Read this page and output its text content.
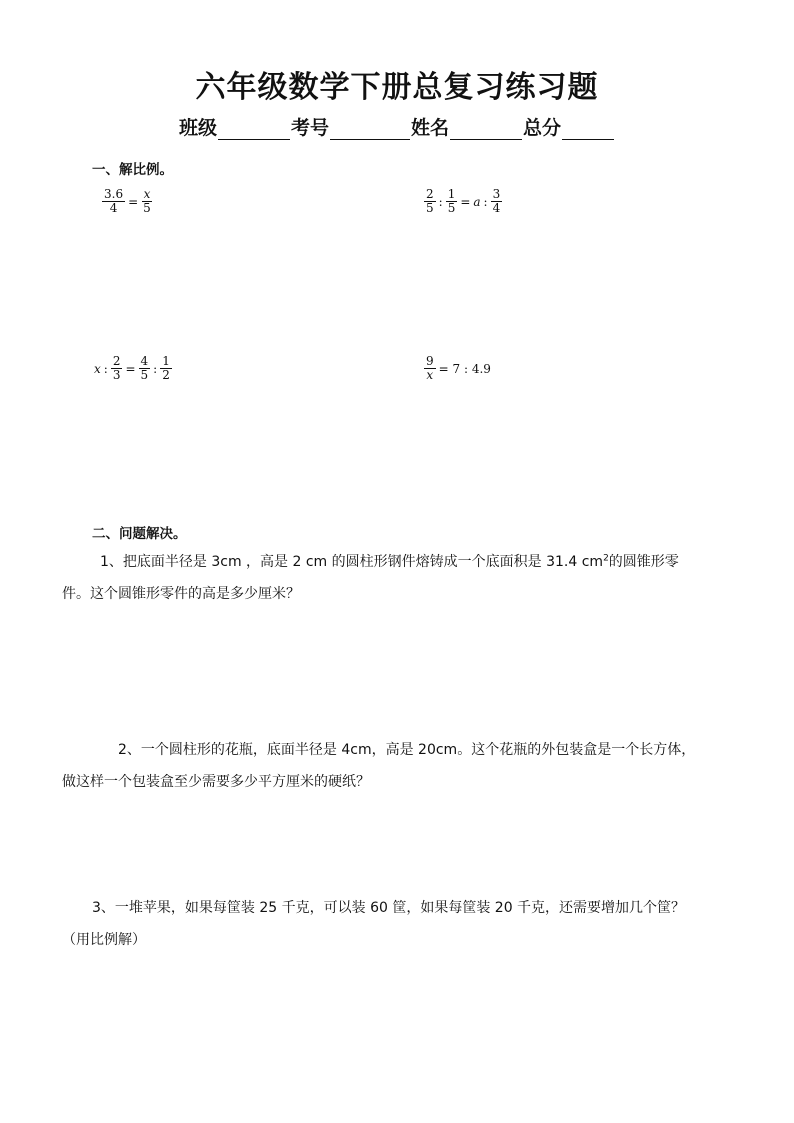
六年级数学下册总复习练习题
班级	考号	姓名	总分
一、解比例。
$\frac{3.6}{4} = \frac{x}{5}$	$\frac{2}{5}$ : $\frac{1}{5} = a$ : $\frac{3}{4}$
x : $\frac{2}{3} = \frac{4}{5}$ : $\frac{1}{2}$	$\frac{9}{x} = 7$ : 4.9
二、问题解决。
1、把底面半径是 3cm ，高是 2 cm 的圆柱形钢件熔铸成一个底面积是 31.4 $cm^2$的圆锥形零
件。这个圆锥形零件的高是多少厘米？
2、一个圆柱形的花瓶，底面半径是 4cm，高是 20cm。这个花瓶的外包装盒是一个长方体，
做这样一个包装盒至少需要多少平方厘米的硬纸？
3、一堆苹果，如果每筐装 25 千克，可以装 60 筐，如果每筐装 20 千克，还需要增加几个筐？
（用比例解）
